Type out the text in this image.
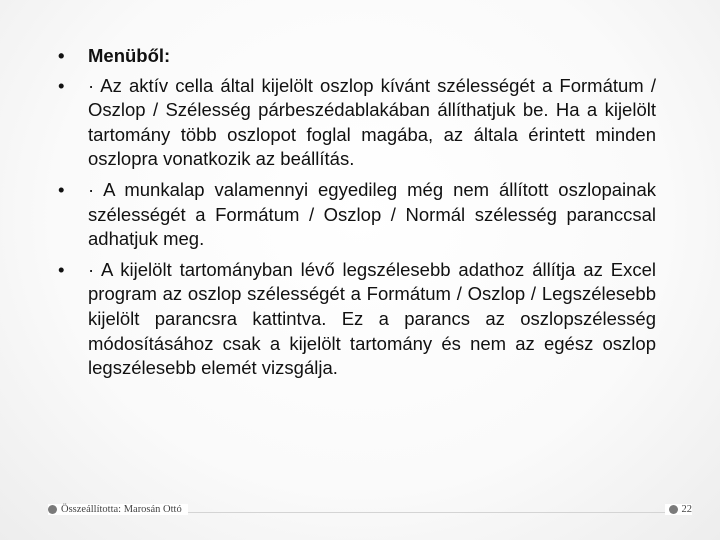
• Menüből:
• · Az aktív cella által kijelölt oszlop kívánt szélességét a Formátum / Oszlop / Szélesség párbeszédablakában állíthatjuk be. Ha a kijelölt tartomány több oszlopot foglal magába, az általa érintett minden oszlopra vonatkozik az beállítás.
• · A munkalap valamennyi egyedileg még nem állított oszlopainak szélességét a Formátum / Oszlop / Normál szélesség paranccsal adhatjuk meg.
• · A kijelölt tartományban lévő legszélesebb adathoz állítja az Excel program az oszlop szélességét a Formátum / Oszlop / Legszélesebb kijelölt parancsra kattintva. Ez a parancs az oszlopszélesség módosításához csak a kijelölt tartomány és nem az egész oszlop legszélesebb elemét vizsgálja.
Összeállította: Marosán Ottó	22
